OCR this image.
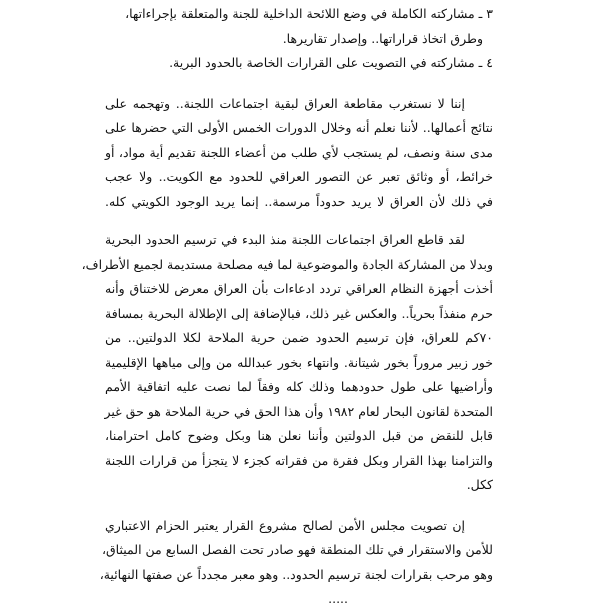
٣ ـ مشاركته الكاملة في وضع اللائحة الداخلية للجنة والمتعلقة بإجراءاتها،
وطرق اتخاذ قراراتها.. وإصدار تقاريرها.
٤ ـ مشاركته في التصويت على القرارات الخاصة بالحدود البرية.
إننا لا نستغرب مقاطعة العراق لبقية اجتماعات اللجنة.. وتهجمه على
نتائج أعمالها.. لأننا نعلم أنه وخلال الدورات الخمس الأولى التي حضرها على
مدى سنة ونصف، لم يستجب لأي طلب من أعضاء اللجنة تقديم أية مواد، أو
خرائط، أو وثائق تعبر عن التصور العراقي للحدود مع الكويت.. ولا عجب
في ذلك لأن العراق لا يريد حدوداً مرسمة.. إنما يريد الوجود الكويتي كله.
لقد قاطع العراق اجتماعات اللجنة منذ البدء في ترسيم الحدود البحرية
وبدلا من المشاركة الجادة والموضوعية لما فيه مصلحة مستديمة لجميع الأطراف،
أخذت أجهزة النظام العراقي تردد ادعاءات بأن العراق معرض للاختناق وأنه
حرم منفذاً بحرياً.. والعكس غير ذلك، فبالإضافة إلى الإطلالة البحرية بمسافة
٧٠كم للعراق، فإن ترسيم الحدود ضمن حرية الملاحة لكلا الدولتين.. من
خور زبير مروراً بخور شيتانة. وانتهاء بخور عبدالله من وإلى مياهها الإقليمية
وأراضيها على طول حدودهما وذلك كله وفقاً لما نصت عليه اتفاقية الأمم
المتحدة لقانون البحار لعام ١٩٨٢ وأن هذا الحق في حرية الملاحة هو حق غير
قابل للنقض من قبل الدولتين وأننا نعلن هنا وبكل وضوح كامل احترامنا،
والتزامنا بهذا القرار وبكل فقرة من فقراته كجزء لا يتجزأ من قرارات اللجنة
ككل.
إن تصويت مجلس الأمن لصالح مشروع القرار يعتبر الحزام الاعتباري
للأمن والاستقرار في تلك المنطقة فهو صادر تحت الفصل السابع من الميثاق،
وهو مرحب بقرارات لجنة ترسيم الحدود.. وهو معبر مجدداً عن صفتها النهائية،
.....
